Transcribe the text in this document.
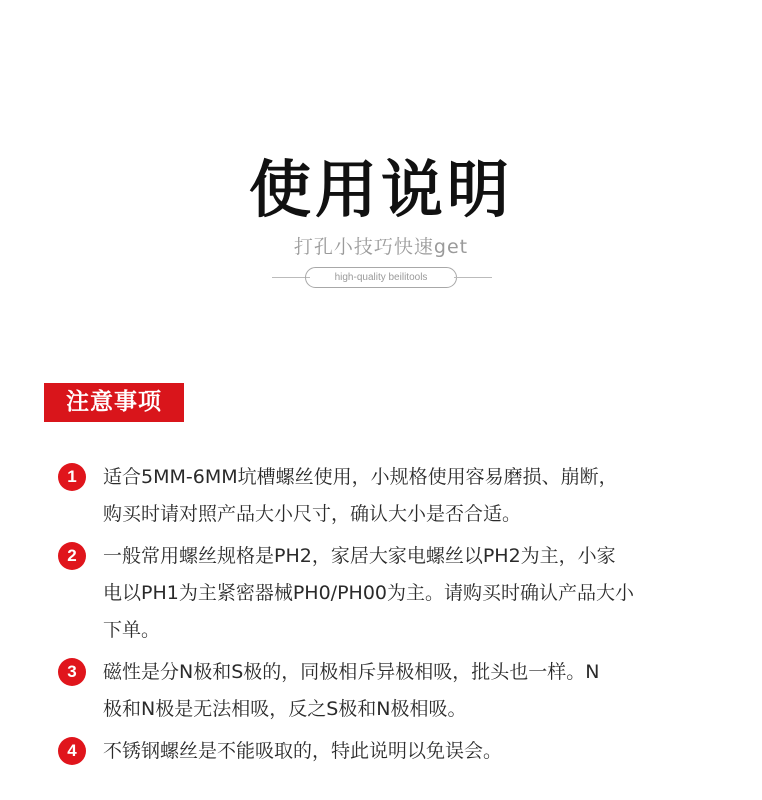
使用说明
打孔小技巧快速get
high-quality beilitools
注意事项
1	适合5MM-6MM坑槽螺丝使用，小规格使用容易磨损、崩断，
购买时请对照产品大小尺寸，确认大小是否合适。
2	一般常用螺丝规格是PH2，家居大家电螺丝以PH2为主，小家
电以PH1为主紧密器械PH0/PH00为主。请购买时确认产品大小
下单。
3	磁性是分N极和S极的，同极相斥异极相吸，批头也一样。N
极和N极是无法相吸，反之S极和N极相吸。
4	不锈钢螺丝是不能吸取的，特此说明以免误会。
